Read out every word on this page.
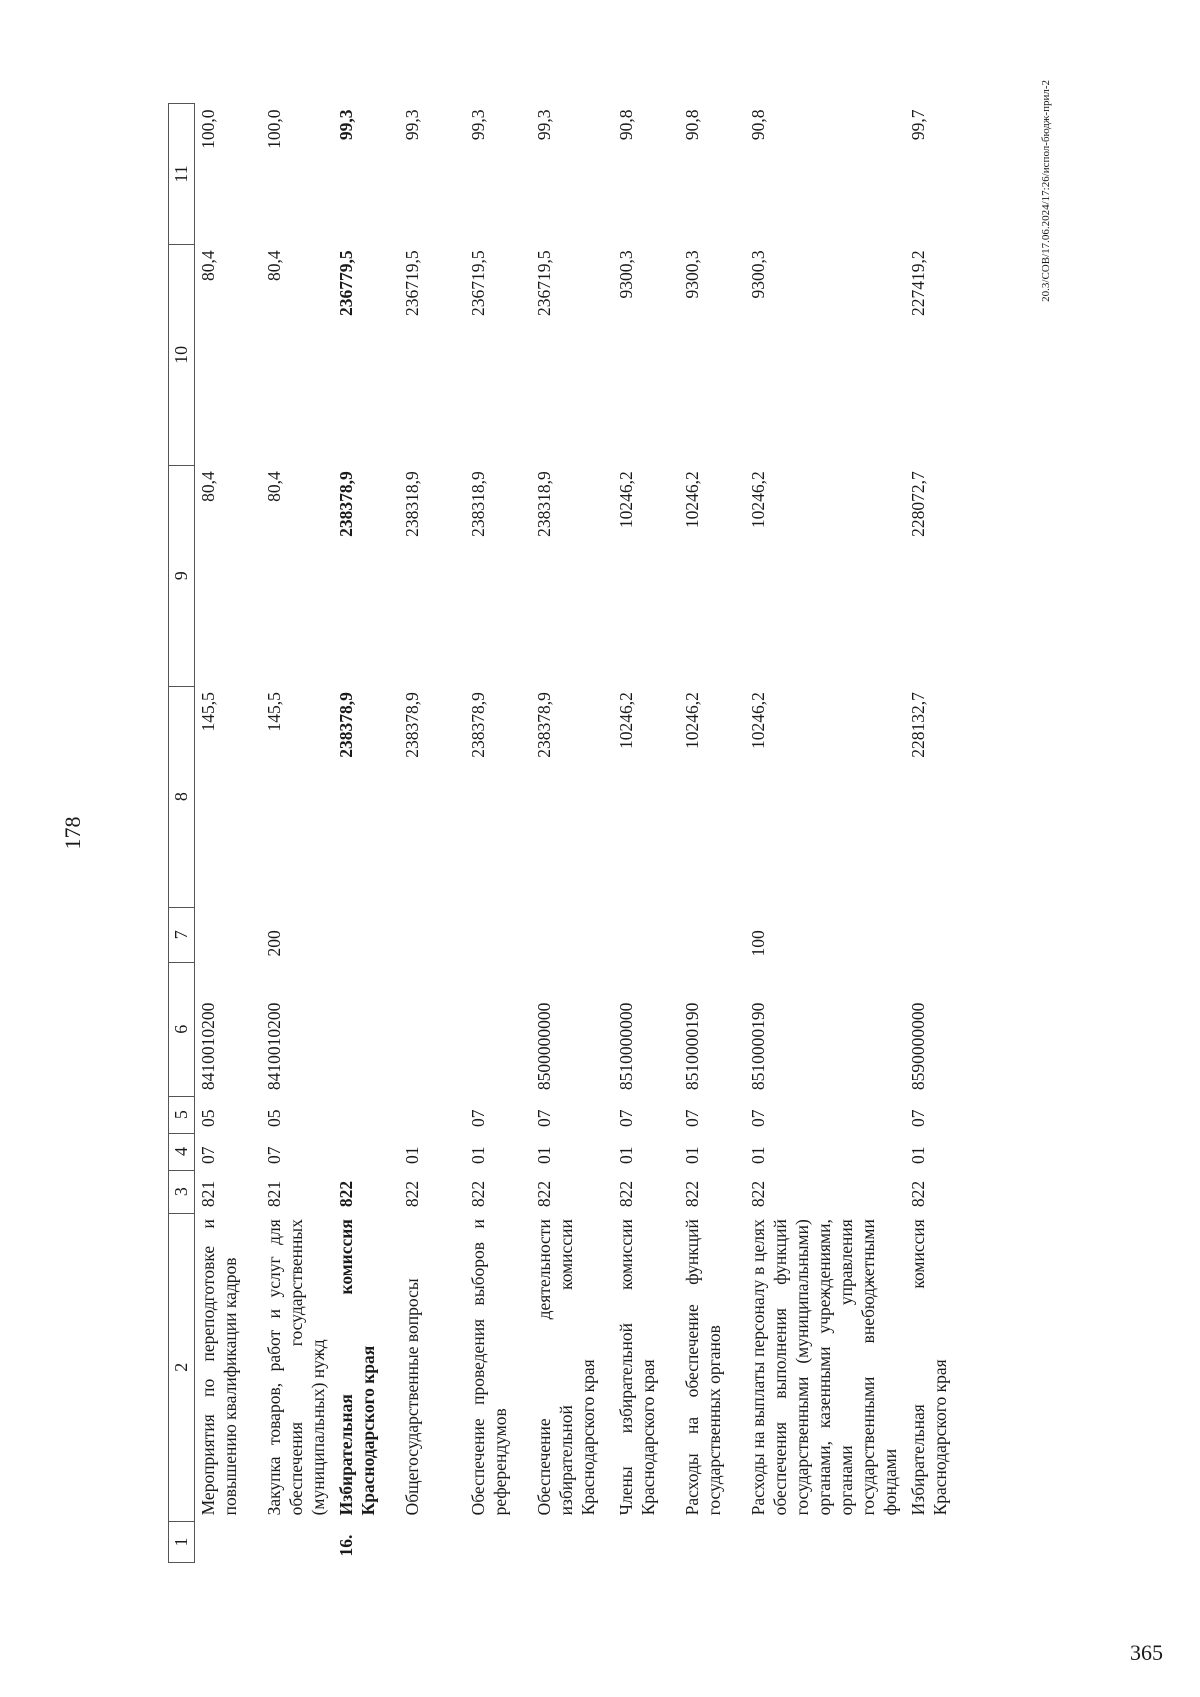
178
1	2	3	4	5	6	7	8	9	10	11
	Мероприятия по переподготовке и повышению квалификации кадров	821	07	05	8410010200		145,5	80,4	80,4	100,0
	Закупка товаров, работ и услуг для обеспечения государственных (муниципальных) нужд	821	07	05	8410010200	200	145,5	80,4	80,4	100,0
16.	Избирательная комиссия Краснодарского края	822					238378,9	238378,9	236779,5	99,3
	Общегосударственные вопросы	822	01				238378,9	238318,9	236719,5	99,3
	Обеспечение проведения выборов и референдумов	822	01	07			238378,9	238318,9	236719,5	99,3
	Обеспечение деятельности избирательной комиссии Краснодарского края	822	01	07	8500000000		238378,9	238318,9	236719,5	99,3
	Члены избирательной комиссии Краснодарского края	822	01	07	8510000000		10246,2	10246,2	9300,3	90,8
	Расходы на обеспечение функций государственных органов	822	01	07	8510000190		10246,2	10246,2	9300,3	90,8
	Расходы на выплаты персоналу в целях обеспечения выполнения функций государственными (муниципальными) органами, казенными учреждениями, органами управления государственными внебюджетными фондами	822	01	07	8510000190	100	10246,2	10246,2	9300,3	90,8
	Избирательная комиссия Краснодарского края	822	01	07	8590000000		228132,7	228072,7	227419,2	99,7	20.3/СОВ/17.06.2024/17:26/испол-бюдж-прил-2
365
